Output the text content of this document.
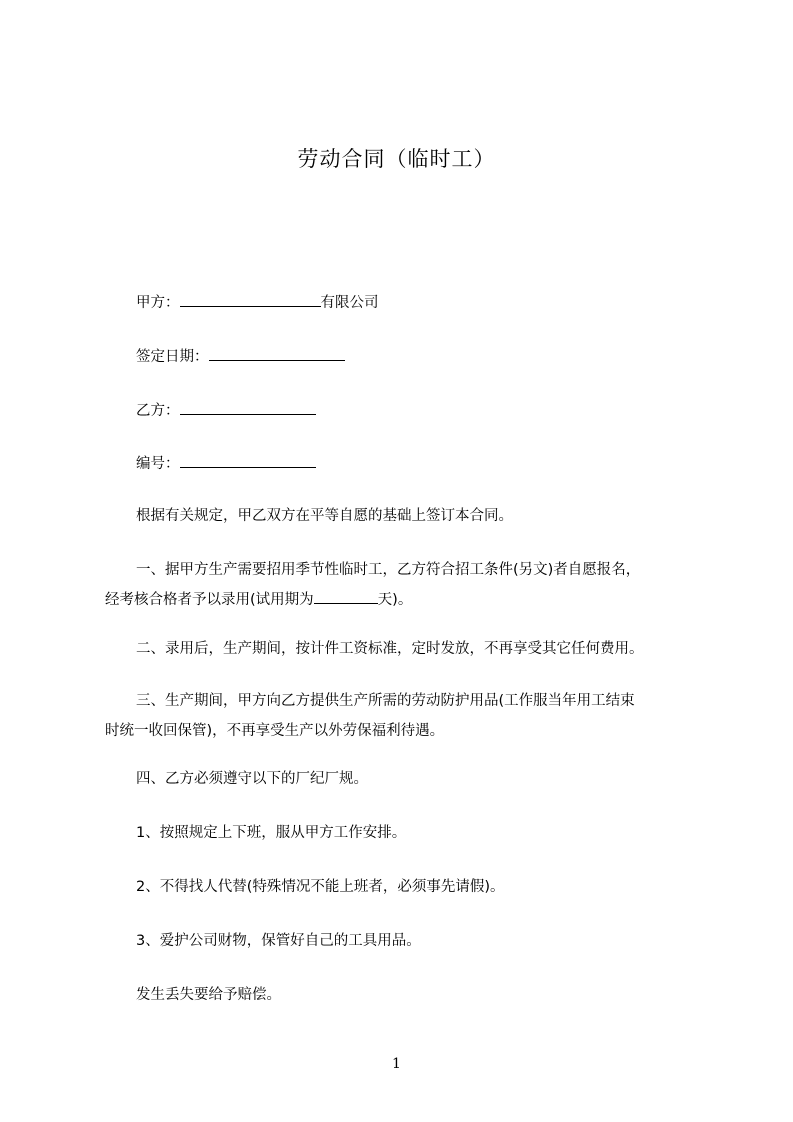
劳动合同（临时工）
甲方：	有限公司
签定日期：
乙方：
编号：
根据有关规定，甲乙双方在平等自愿的基础上签订本合同。
一、据甲方生产需要招用季节性临时工，乙方符合招工条件(另文)者自愿报名，
经考核合格者予以录用(试用期为	天)。
二、录用后，生产期间，按计件工资标准，定时发放，不再享受其它任何费用。
三、生产期间，甲方向乙方提供生产所需的劳动防护用品(工作服当年用工结束
时统一收回保管)，不再享受生产以外劳保福利待遇。
四、乙方必须遵守以下的厂纪厂规。
1、按照规定上下班，服从甲方工作安排。
2、不得找人代替(特殊情况不能上班者，必须事先请假)。
3、爱护公司财物，保管好自己的工具用品。
发生丢失要给予赔偿。
1
